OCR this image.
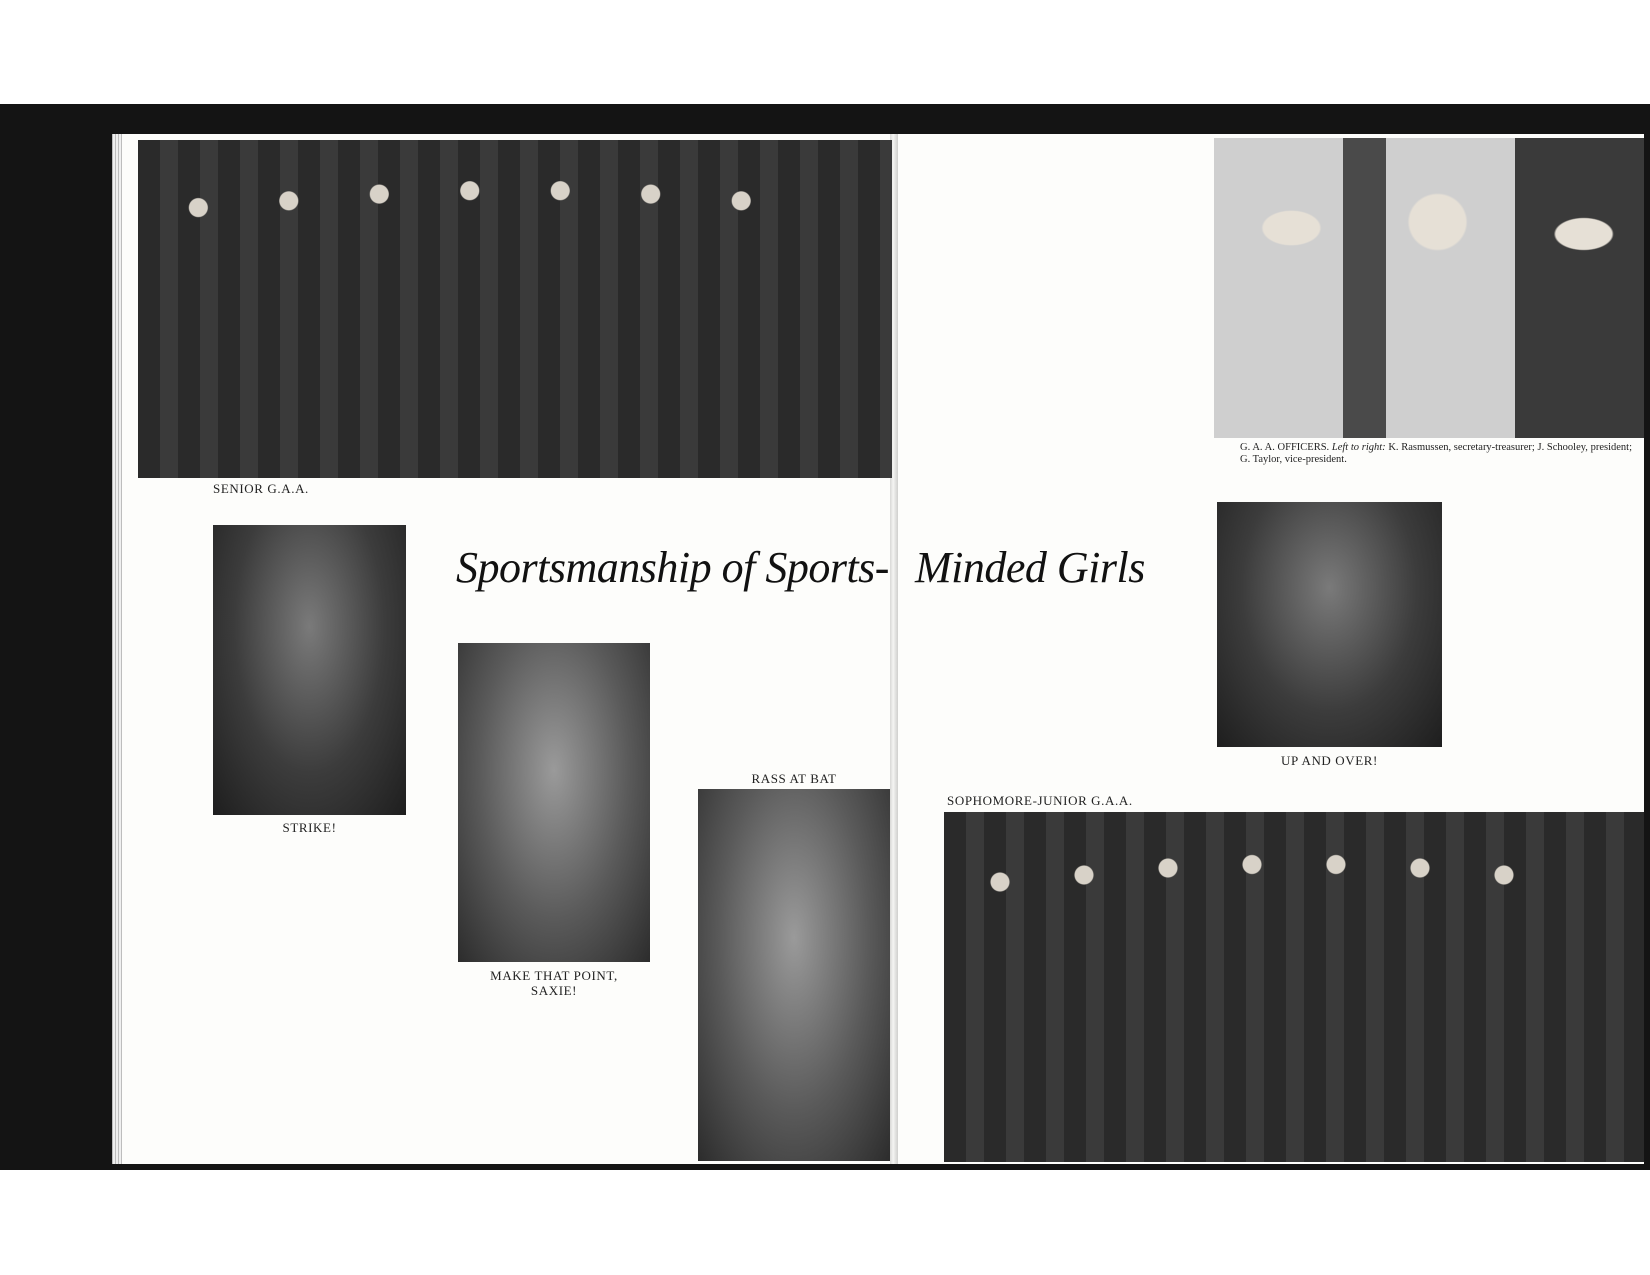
SENIOR G.A.A.
STRIKE!
Sportsmanship of Sports-
MAKE THAT POINT,
SAXIE!
RASS AT BAT
G. A. A. OFFICERS. Left to right: K. Rasmussen, secretary-treasurer; J. Schooley, president; G. Taylor, vice-president.
Minded Girls
UP AND OVER!
SOPHOMORE-JUNIOR G.A.A.
